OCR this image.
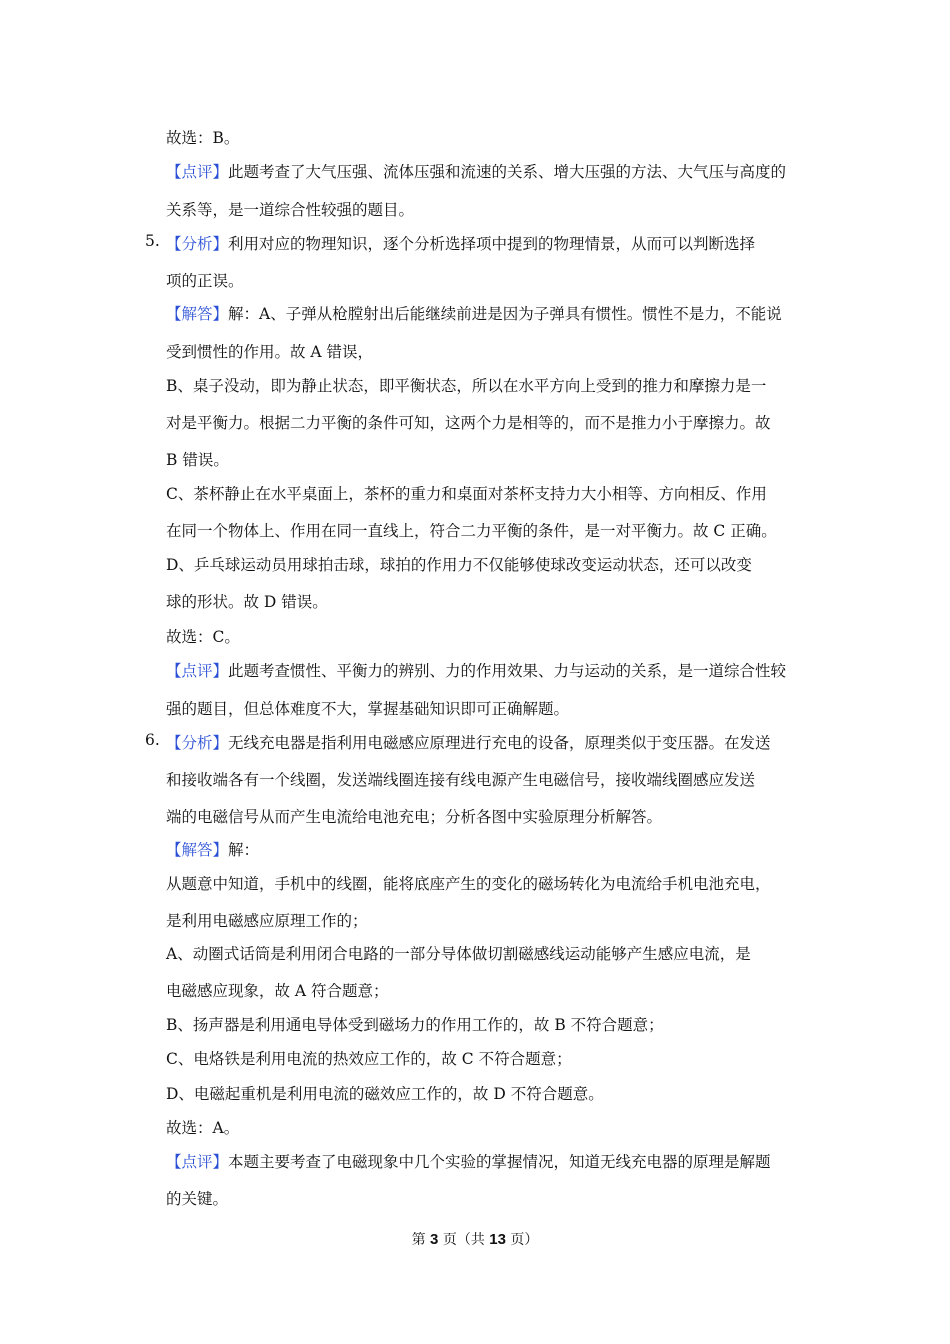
故选：B。
【点评】此题考查了大气压强、流体压强和流速的关系、增大压强的方法、大气压与高度的
关系等，是一道综合性较强的题目。
5. 【分析】利用对应的物理知识，逐个分析选择项中提到的物理情景，从而可以判断选择
项的正误。
【解答】解：A、子弹从枪膛射出后能继续前进是因为子弹具有惯性。惯性不是力，不能说
受到惯性的作用。故 A 错误，
B、桌子没动，即为静止状态，即平衡状态，所以在水平方向上受到的推力和摩擦力是一
对是平衡力。根据二力平衡的条件可知，这两个力是相等的，而不是推力小于摩擦力。故
B 错误。
C、茶杯静止在水平桌面上，茶杯的重力和桌面对茶杯支持力大小相等、方向相反、作用
在同一个物体上、作用在同一直线上，符合二力平衡的条件，是一对平衡力。故 C 正确。
D、乒乓球运动员用球拍击球，球拍的作用力不仅能够使球改变运动状态，还可以改变
球的形状。故 D 错误。
故选：C。
【点评】此题考查惯性、平衡力的辨别、力的作用效果、力与运动的关系，是一道综合性较
强的题目，但总体难度不大，掌握基础知识即可正确解题。
6. 【分析】无线充电器是指利用电磁感应原理进行充电的设备，原理类似于变压器。在发送
和接收端各有一个线圈，发送端线圈连接有线电源产生电磁信号，接收端线圈感应发送
端的电磁信号从而产生电流给电池充电；分析各图中实验原理分析解答。
【解答】解：
从题意中知道，手机中的线圈，能将底座产生的变化的磁场转化为电流给手机电池充电，
是利用电磁感应原理工作的；
A、动圈式话筒是利用闭合电路的一部分导体做切割磁感线运动能够产生感应电流，是
电磁感应现象，故 A 符合题意；
B、扬声器是利用通电导体受到磁场力的作用工作的，故 B 不符合题意；
C、电烙铁是利用电流的热效应工作的，故 C 不符合题意；
D、电磁起重机是利用电流的磁效应工作的，故 D 不符合题意。
故选：A。
【点评】本题主要考查了电磁现象中几个实验的掌握情况，知道无线充电器的原理是解题
的关键。
第 3 页（共 13 页）
